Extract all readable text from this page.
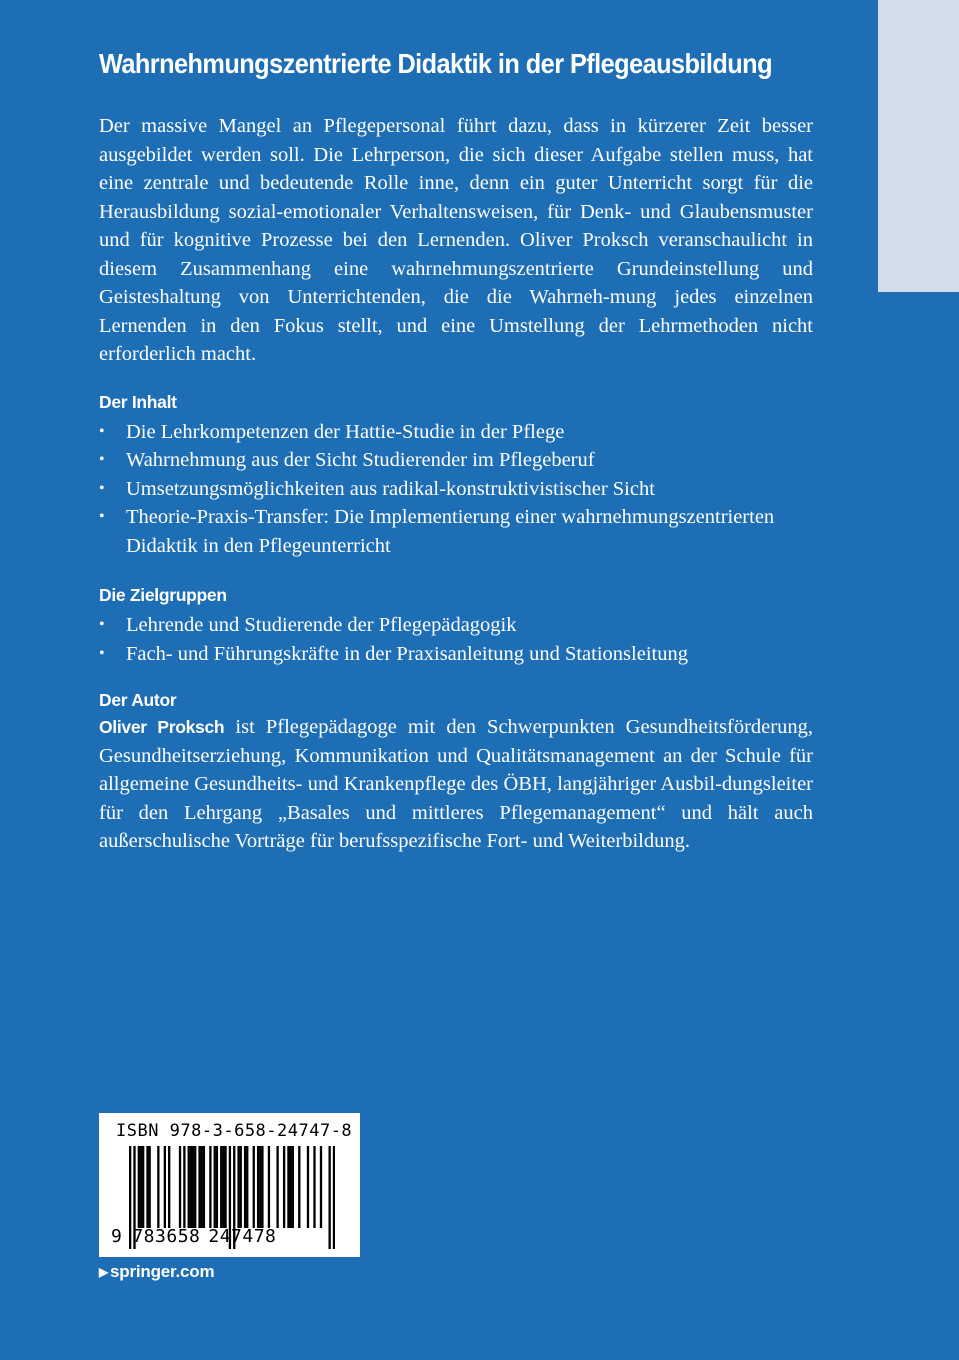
Wahrnehmungszentrierte Didaktik in der Pflegeausbildung

Der massive Mangel an Pflegepersonal führt dazu, dass in kürzerer Zeit besser ausgebildet werden soll. Die Lehrperson, die sich dieser Aufgabe stellen muss, hat eine zentrale und bedeutende Rolle inne, denn ein guter Unterricht sorgt für die Herausbildung sozial-emotionaler Verhaltensweisen, für Denk- und Glaubensmuster und für kognitive Prozesse bei den Lernenden. Oliver Proksch veranschaulicht in diesem Zusammenhang eine wahrnehmungszentrierte Grundeinstellung und Geisteshaltung von Unterrichtenden, die die Wahrneh-mung jedes einzelnen Lernenden in den Fokus stellt, und eine Umstellung der Lehrmethoden nicht erforderlich macht.

Der Inhalt
• Die Lehrkompetenzen der Hattie-Studie in der Pflege
• Wahrnehmung aus der Sicht Studierender im Pflegeberuf
• Umsetzungsmöglichkeiten aus radikal-konstruktivistischer Sicht
• Theorie-Praxis-Transfer: Die Implementierung einer wahrnehmungszentrierten Didaktik in den Pflegeunterricht
Die Zielgruppen
• Lehrende und Studierende der Pflegepädagogik
• Fach- und Führungskräfte in der Praxisanleitung und Stationsleitung
Der Autor

Oliver Proksch ist Pflegepädagoge mit den Schwerpunkten Gesundheitsförderung, Gesundheitserziehung, Kommunikation und Qualitätsmanagement an der Schule für allgemeine Gesundheits- und Krankenpflege des ÖBH, langjähriger Ausbil-dungsleiter für den Lehrgang „Basales und mittleres Pflegemanagement“ und hält auch außerschulische Vorträge für berufsspezifische Fort- und Weiterbildung.

ISBN 978-3-658-24747-8
9 783658 247478
▶ springer.com
